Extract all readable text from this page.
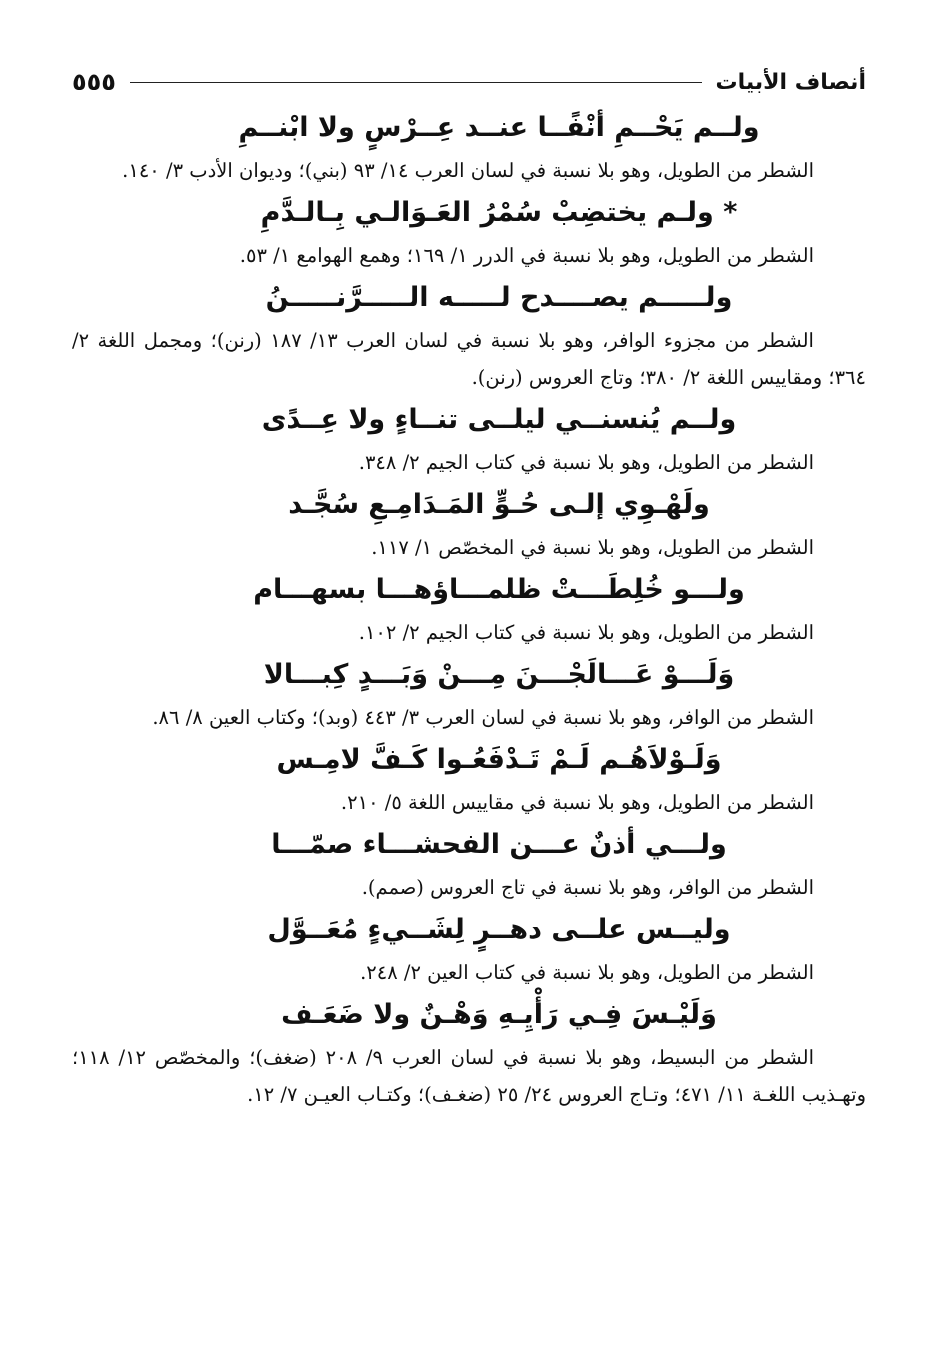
أنصاف الأبيات
٥٥٥
ولــم يَحْــمِ أنْفًــا عنــد عِــرْسٍ ولا ابْنــمِ

الشطر من الطويل، وهو بلا نسبة في لسان العرب ١٤/ ٩٣ (بني)؛ وديوان الأدب ٣/ ١٤٠.

* ولـم يختضِبْ سُمْرُ العَـوَالـي بِـالـدَّمِ

الشطر من الطويل، وهو بلا نسبة في الدرر ١/ ١٦٩؛ وهمع الهوامع ١/ ٥٣.

ولـــــم يصــــدح لـــــه الـــــرَّنـــــنُ

الشطر من مجزوء الوافر، وهو بلا نسبة في لسان العرب ١٣/ ١٨٧ (رنن)؛ ومجمل اللغة ٢/ ٣٦٤؛ ومقاييس اللغة ٢/ ٣٨٠؛ وتاج العروس (رنن).

ولــم يُنسنــي ليلــى تنــاءٍ ولا عِــدًى

الشطر من الطويل، وهو بلا نسبة في كتاب الجيم ٢/ ٣٤٨.

ولَهْـوِي إلـى حُـوٍّ المَـدَامِـعِ سُجَّـد

الشطر من الطويل، وهو بلا نسبة في المخصّص ١/ ١١٧.

ولـــو خُلِطَـــتْ ظلمـــاؤهـــا بسهـــام

الشطر من الطويل، وهو بلا نسبة في كتاب الجيم ٢/ ١٠٢.

وَلَـــوْ عَـــالَجْـــنَ مِـــنْ وَبَـــدٍ كِبـــالا

الشطر من الوافر، وهو بلا نسبة في لسان العرب ٣/ ٤٤٣ (وبد)؛ وكتاب العين ٨/ ٨٦.

وَلَـوْلاَهُـم لَـمْ تَـدْفَعُـوا كَـفَّ لامِـس

الشطر من الطويل، وهو بلا نسبة في مقاييس اللغة ٥/ ٢١٠.

ولـــي أذنٌ عـــن الفحشـــاء صمّـــا

الشطر من الوافر، وهو بلا نسبة في تاج العروس (صمم).

وليــس علــى دهــرٍ لِشَــيءٍ مُعَــوَّل

الشطر من الطويل، وهو بلا نسبة في كتاب العين ٢/ ٢٤٨.

وَلَيْـسَ فِـي رَأْيِـهِ وَهْـنٌ ولا ضَعَـف

الشطر من البسيط، وهو بلا نسبة في لسان العرب ٩/ ٢٠٨ (ضغف)؛ والمخصّص ١٢/ ١١٨؛ وتهـذيب اللغـة ١١/ ٤٧١؛ وتـاج العروس ٢٤/ ٢٥ (ضغـف)؛ وكتـاب العيـن ٧/ ١٢.
